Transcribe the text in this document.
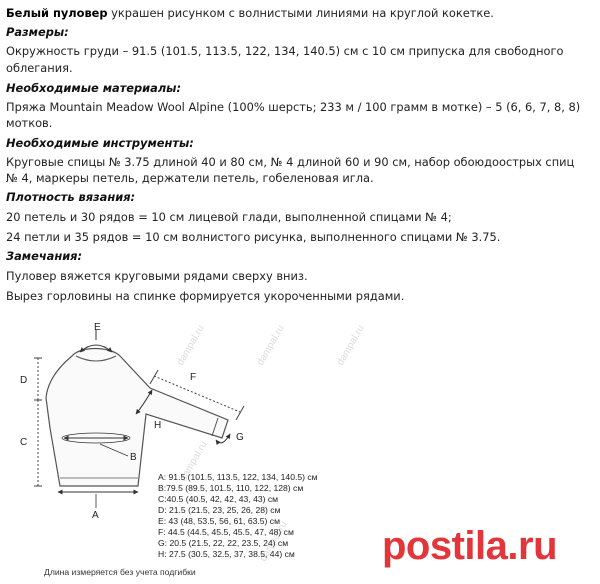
Белый пуловер украшен рисунком с волнистыми линиями на круглой кокетке.
Размеры:
Окружность груди – 91.5 (101.5, 113.5, 122, 134, 140.5) см с 10 см припуска для свободного
облегания.
Необходимые материалы:
Пряжа Mountain Meadow Wool Alpine (100% шерсть; 233 м / 100 грамм в мотке) – 5 (6, 6, 7, 8, 8)
мотков.
Необходимые инструменты:
Круговые спицы № 3.75 длиной 40 и 80 см, № 4 длиной 60 и 90 см, набор обоюдоострых спиц
№ 4, маркеры петель, держатели петель, гобеленовая игла.
Плотность вязания:
20 петель и 30 рядов = 10 см лицевой глади, выполненной спицами № 4;
24 петли и 35 рядов = 10 см волнистого рисунка, выполненного спицами № 3.75.
Замечания:
Пуловер вяжется круговыми рядами сверху вниз.
Вырез горловины на спинке формируется укороченными рядами.
E
D
C
F
B
H
G
A
dampal.ru	dampal.ru	dampal.ru
dampal.ru
dampal.ru
A: 91.5 (101.5, 113.5, 122, 134, 140.5) см
B:79.5 (89.5, 101.5, 110, 122, 128) см
C:40.5 (40.5, 42, 42, 43, 43) см
D: 21.5 (21.5, 23, 25, 26, 28) см
E: 43 (48, 53.5, 56, 61, 63.5) см
F: 44.5 (44.5, 45.5, 45.5, 47, 48) см
G: 20.5 (21.5, 22, 22, 23.5, 24) см
H: 27.5 (30.5, 32.5, 37, 38.5, 44) см
Длина измеряется без учета подгибки
postila.ru
